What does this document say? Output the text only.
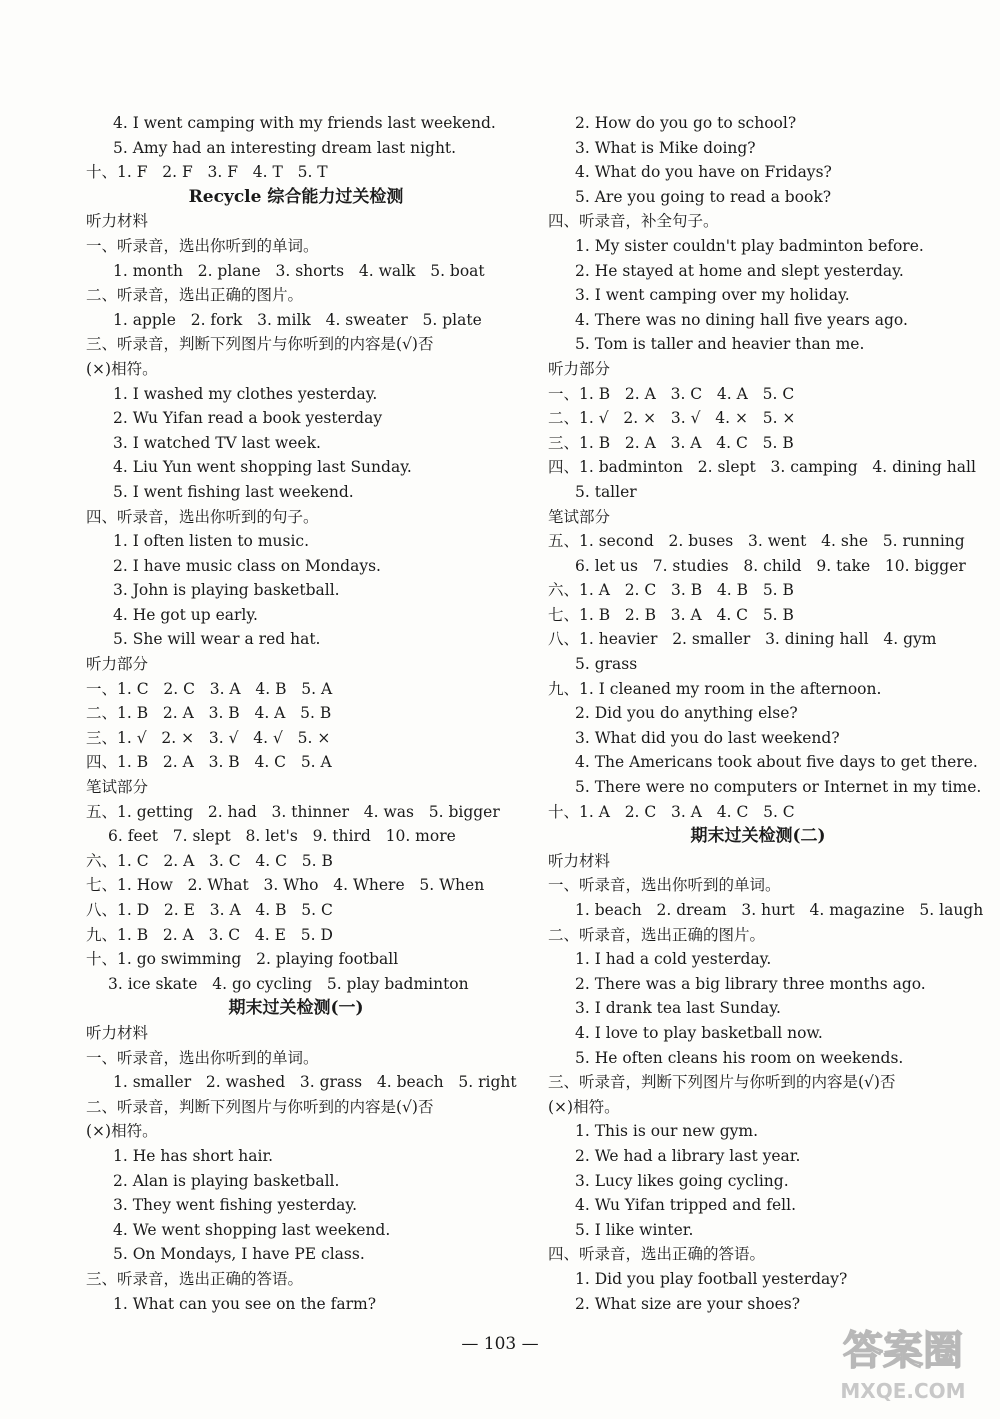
4. I went camping with my friends last weekend.
5. Amy had an interesting dream last night.
十、1. F   2. F   3. F   4. T   5. T
Recycle 综合能力过关检测
听力材料
一、听录音，选出你听到的单词。
1. month   2. plane   3. shorts   4. walk   5. boat
二、听录音，选出正确的图片。
1. apple   2. fork   3. milk   4. sweater   5. plate
三、听录音，判断下列图片与你听到的内容是(√)否
(×)相符。
1. I washed my clothes yesterday.
2. Wu Yifan read a book yesterday
3. I watched TV last week.
4. Liu Yun went shopping last Sunday.
5. I went fishing last weekend.
四、听录音，选出你听到的句子。
1. I often listen to music.
2. I have music class on Mondays.
3. John is playing basketball.
4. He got up early.
5. She will wear a red hat.
听力部分
一、1. C   2. C   3. A   4. B   5. A
二、1. B   2. A   3. B   4. A   5. B
三、1. √   2. ×   3. √   4. √   5. ×
四、1. B   2. A   3. B   4. C   5. A
笔试部分
五、1. getting   2. had   3. thinner   4. was   5. bigger
6. feet   7. slept   8. let's   9. third   10. more
六、1. C   2. A   3. C   4. C   5. B
七、1. How   2. What   3. Who   4. Where   5. When
八、1. D   2. E   3. A   4. B   5. C
九、1. B   2. A   3. C   4. E   5. D
十、1. go swimming   2. playing football
3. ice skate   4. go cycling   5. play badminton
期末过关检测(一)
听力材料
一、听录音，选出你听到的单词。
1. smaller   2. washed   3. grass   4. beach   5. right
二、听录音，判断下列图片与你听到的内容是(√)否
(×)相符。
1. He has short hair.
2. Alan is playing basketball.
3. They went fishing yesterday.
4. We went shopping last weekend.
5. On Mondays, I have PE class.
三、听录音，选出正确的答语。
1. What can you see on the farm?
2. How do you go to school?
3. What is Mike doing?
4. What do you have on Fridays?
5. Are you going to read a book?
四、听录音，补全句子。
1. My sister couldn't play badminton before.
2. He stayed at home and slept yesterday.
3. I went camping over my holiday.
4. There was no dining hall five years ago.
5. Tom is taller and heavier than me.
听力部分
一、1. B   2. A   3. C   4. A   5. C
二、1. √   2. ×   3. √   4. ×   5. ×
三、1. B   2. A   3. A   4. C   5. B
四、1. badminton   2. slept   3. camping   4. dining hall
5. taller
笔试部分
五、1. second   2. buses   3. went   4. she   5. running
6. let us   7. studies   8. child   9. take   10. bigger
六、1. A   2. C   3. B   4. B   5. B
七、1. B   2. B   3. A   4. C   5. B
八、1. heavier   2. smaller   3. dining hall   4. gym
5. grass
九、1. I cleaned my room in the afternoon.
2. Did you do anything else?
3. What did you do last weekend?
4. The Americans took about five days to get there.
5. There were no computers or Internet in my time.
十、1. A   2. C   3. A   4. C   5. C
期末过关检测(二)
听力材料
一、听录音，选出你听到的单词。
1. beach   2. dream   3. hurt   4. magazine   5. laugh
二、听录音，选出正确的图片。
1. I had a cold yesterday.
2. There was a big library three months ago.
3. I drank tea last Sunday.
4. I love to play basketball now.
5. He often cleans his room on weekends.
三、听录音，判断下列图片与你听到的内容是(√)否
(×)相符。
1. This is our new gym.
2. We had a library last year.
3. Lucy likes going cycling.
4. Wu Yifan tripped and fell.
5. I like winter.
四、听录音，选出正确的答语。
1. Did you play football yesterday?
2. What size are your shoes?
— 103 —	答案圈
MXQE.COM
